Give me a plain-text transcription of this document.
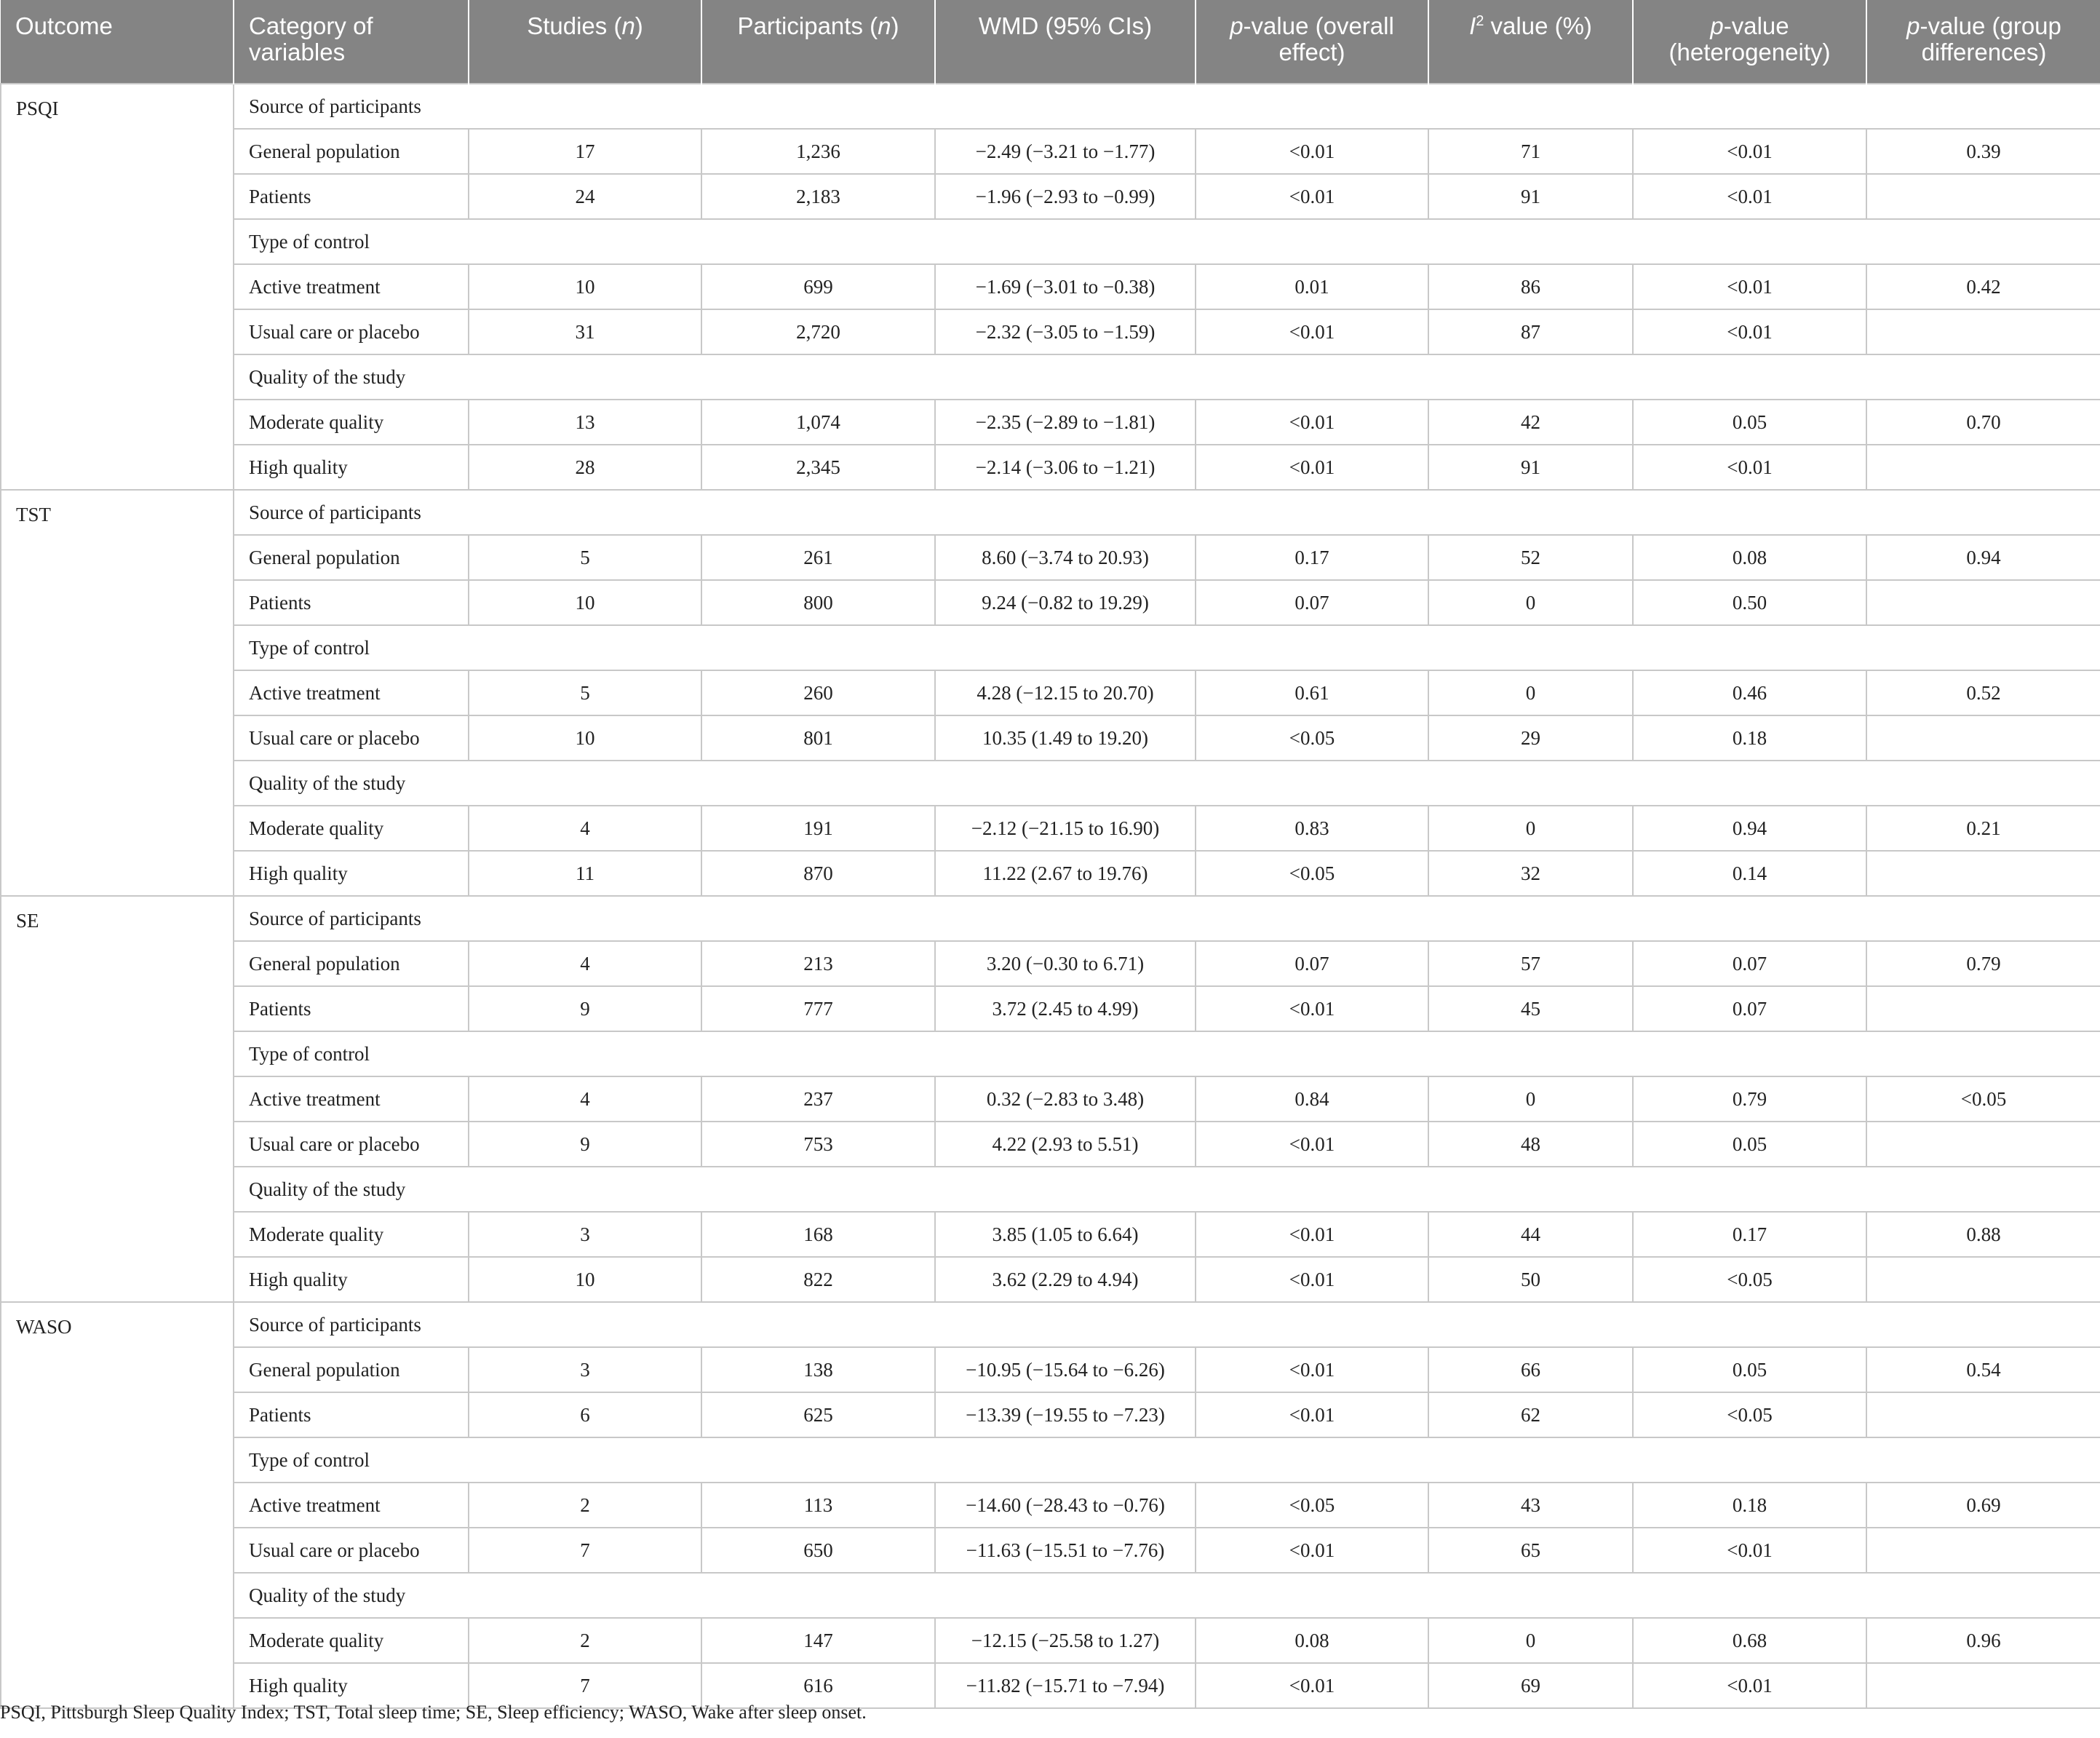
Outcome	Category of variables	Studies (n)	Participants (n)	WMD (95% CIs)	p-value (overall effect)	$I^2$ value (%)	p-value (heterogeneity)	p-value (group differences)
PSQI	Source of participants							
	General population	17	1,236	−2.49 (−3.21 to −1.77)	<0.01	71	<0.01	0.39
	Patients	24	2,183	−1.96 (−2.93 to −0.99)	<0.01	91	<0.01	
	Type of control							
	Active treatment	10	699	−1.69 (−3.01 to −0.38)	0.01	86	<0.01	0.42
	Usual care or placebo	31	2,720	−2.32 (−3.05 to −1.59)	<0.01	87	<0.01	
	Quality of the study							
	Moderate quality	13	1,074	−2.35 (−2.89 to −1.81)	<0.01	42	0.05	0.70
	High quality	28	2,345	−2.14 (−3.06 to −1.21)	<0.01	91	<0.01	
TST	Source of participants							
	General population	5	261	8.60 (−3.74 to 20.93)	0.17	52	0.08	0.94
	Patients	10	800	9.24 (−0.82 to 19.29)	0.07	0	0.50	
	Type of control							
	Active treatment	5	260	4.28 (−12.15 to 20.70)	0.61	0	0.46	0.52
	Usual care or placebo	10	801	10.35 (1.49 to 19.20)	<0.05	29	0.18	
	Quality of the study							
	Moderate quality	4	191	−2.12 (−21.15 to 16.90)	0.83	0	0.94	0.21
	High quality	11	870	11.22 (2.67 to 19.76)	<0.05	32	0.14	
SE	Source of participants							
	General population	4	213	3.20 (−0.30 to 6.71)	0.07	57	0.07	0.79
	Patients	9	777	3.72 (2.45 to 4.99)	<0.01	45	0.07	
	Type of control							
	Active treatment	4	237	0.32 (−2.83 to 3.48)	0.84	0	0.79	<0.05
	Usual care or placebo	9	753	4.22 (2.93 to 5.51)	<0.01	48	0.05	
	Quality of the study							
	Moderate quality	3	168	3.85 (1.05 to 6.64)	<0.01	44	0.17	0.88
	High quality	10	822	3.62 (2.29 to 4.94)	<0.01	50	<0.05	
WASO	Source of participants							
	General population	3	138	−10.95 (−15.64 to −6.26)	<0.01	66	0.05	0.54
	Patients	6	625	−13.39 (−19.55 to −7.23)	<0.01	62	<0.05	
	Type of control							
	Active treatment	2	113	−14.60 (−28.43 to −0.76)	<0.05	43	0.18	0.69
	Usual care or placebo	7	650	−11.63 (−15.51 to −7.76)	<0.01	65	<0.01	
	Quality of the study							
	Moderate quality	2	147	−12.15 (−25.58 to 1.27)	0.08	0	0.68	0.96
	High quality	7	616	−11.82 (−15.71 to −7.94)	<0.01	69	<0.01	
PSQI, Pittsburgh Sleep Quality Index; TST, Total sleep time; SE, Sleep efficiency; WASO, Wake after sleep onset.
